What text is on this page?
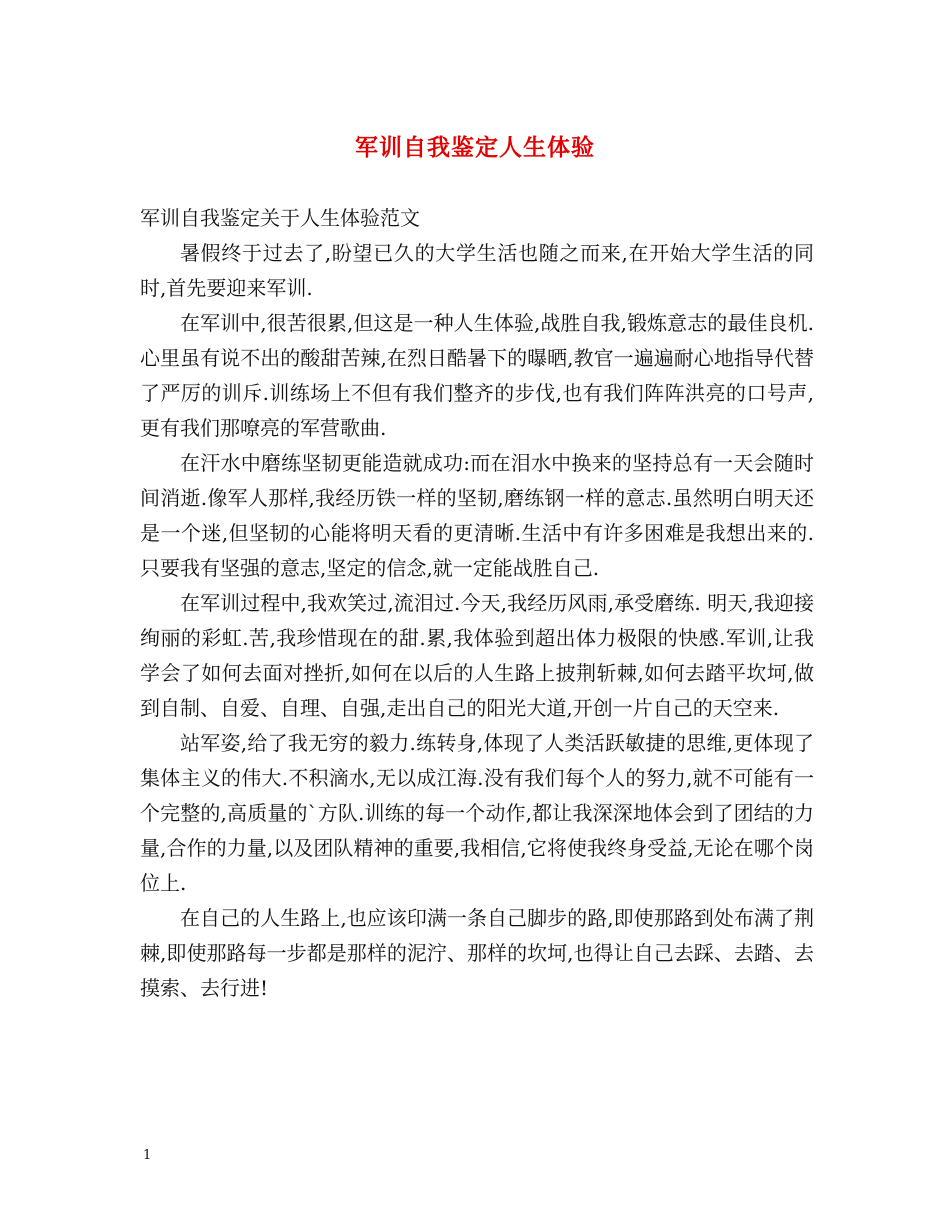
军训自我鉴定人生体验

军训自我鉴定关于人生体验范文

暑假终于过去了,盼望已久的大学生活也随之而来,在开始大学生活的同时,首先要迎来军训.

在军训中,很苦很累,但这是一种人生体验,战胜自我,锻炼意志的最佳良机.心里虽有说不出的酸甜苦辣,在烈日酷暑下的曝晒,教官一遍遍耐心地指导代替了严厉的训斥.训练场上不但有我们整齐的步伐,也有我们阵阵洪亮的口号声,更有我们那嘹亮的军营歌曲.

在汗水中磨练坚韧更能造就成功:而在泪水中换来的坚持总有一天会随时间消逝.像军人那样,我经历铁一样的坚韧,磨练钢一样的意志.虽然明白明天还是一个迷,但坚韧的心能将明天看的更清晰.生活中有许多困难是我想出来的.只要我有坚强的意志,坚定的信念,就一定能战胜自己.

在军训过程中,我欢笑过,流泪过.今天,我经历风雨,承受磨练. 明天,我迎接绚丽的彩虹.苦,我珍惜现在的甜.累,我体验到超出体力极限的快感.军训,让我学会了如何去面对挫折,如何在以后的人生路上披荆斩棘,如何去踏平坎坷,做到自制、自爱、自理、自强,走出自己的阳光大道,开创一片自己的天空来.

站军姿,给了我无穷的毅力.练转身,体现了人类活跃敏捷的思维,更体现了集体主义的伟大.不积滴水,无以成江海.没有我们每个人的努力,就不可能有一个完整的,高质量的`方队.训练的每一个动作,都让我深深地体会到了团结的力量,合作的力量,以及团队精神的重要,我相信,它将使我终身受益,无论在哪个岗位上.

在自己的人生路上,也应该印满一条自己脚步的路,即使那路到处布满了荆棘,即使那路每一步都是那样的泥泞、那样的坎坷,也得让自己去踩、去踏、去摸索、去行进!

1
